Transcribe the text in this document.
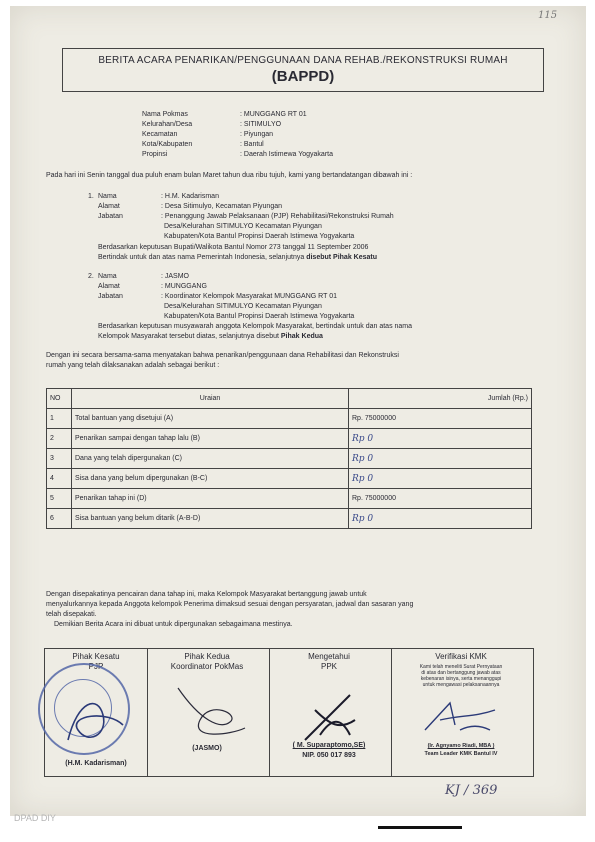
115
BERITA ACARA PENARIKAN/PENGGUNAAN DANA REHAB./REKONSTRUKSI RUMAH
(BAPPD)
Nama Pokmas	: MUNGGANG RT 01
Kelurahan/Desa	: SITIMULYO
Kecamatan	: Piyungan
Kota/Kabupaten	: Bantul
Propinsi	: Daerah Istimewa Yogyakarta
Pada hari ini Senin tanggal dua puluh enam bulan Maret tahun dua ribu tujuh, kami yang bertandatangan dibawah ini :
1. Nama	: H.M. Kadarisman
Alamat	: Desa Sitimulyo, Kecamatan Piyungan
Jabatan	: Penanggung Jawab Pelaksanaan (PJP) Rehabilitasi/Rekonstruksi Rumah
Desa/Kelurahan SITIMULYO Kecamatan Piyungan
Kabupaten/Kota Bantul Propinsi Daerah Istimewa Yogyakarta
Berdasarkan keputusan Bupati/Walikota Bantul Nomor 273 tanggal 11 September 2006
Bertindak untuk dan atas nama Pemerintah Indonesia, selanjutnya disebut Pihak Kesatu
2. Nama	: JASMO
Alamat	: MUNGGANG
Jabatan	: Koordinator Kelompok Masyarakat MUNGGANG RT 01
Desa/Kelurahan SITIMULYO Kecamatan Piyungan
Kabupaten/Kota Bantul Propinsi Daerah Istimewa Yogyakarta
Berdasarkan keputusan musyawarah anggota Kelompok Masyarakat, bertindak untuk dan atas nama
Kelompok Masyarakat tersebut diatas, selanjutnya disebut Pihak Kedua
Dengan ini secara bersama-sama menyatakan bahwa penarikan/penggunaan dana Rehabilitasi dan Rekonstruksi
rumah yang telah dilaksanakan adalah sebagai berikut :
NO	Uraian	Jumlah (Rp.)
1	Total bantuan yang disetujui (A)	Rp. 75000000
2	Penarikan sampai dengan tahap lalu (B)	Rp 0
3	Dana yang telah dipergunakan (C)	Rp 0
4	Sisa dana yang belum dipergunakan (B-C)	Rp 0
5	Penarikan tahap ini (D)	Rp. 75000000
6	Sisa bantuan yang belum ditarik (A-B-D)	Rp 0
Dengan disepakatinya pencairan dana tahap ini, maka Kelompok Masyarakat bertanggung jawab untuk
menyalurkannya kepada Anggota kelompok Penerima dimaksud sesuai dengan persyaratan, jadwal dan sasaran yang
telah disepakati.
Demikian Berita Acara ini dibuat untuk dipergunakan sebagaimana mestinya.
Pihak Kesatu
PJP
(H.M. Kadarisman)
Pihak Kedua
Koordinator PokMas
(JASMO)
Mengetahui
PPK
( M. Suparaptomo,SE)
NIP. 050 017 893
Verifikasi KMK
Kami telah meneliti Surat Pernyataan
di atas dan bertanggung jawab atas
kebenaran isinya, serta menanggupi
untuk mengawasi pelaksanaannya
(Ir. Agnyamo Riadi, MBA )
Team Leader KMK Bantul IV
KJ / 369
DPAD DIY
